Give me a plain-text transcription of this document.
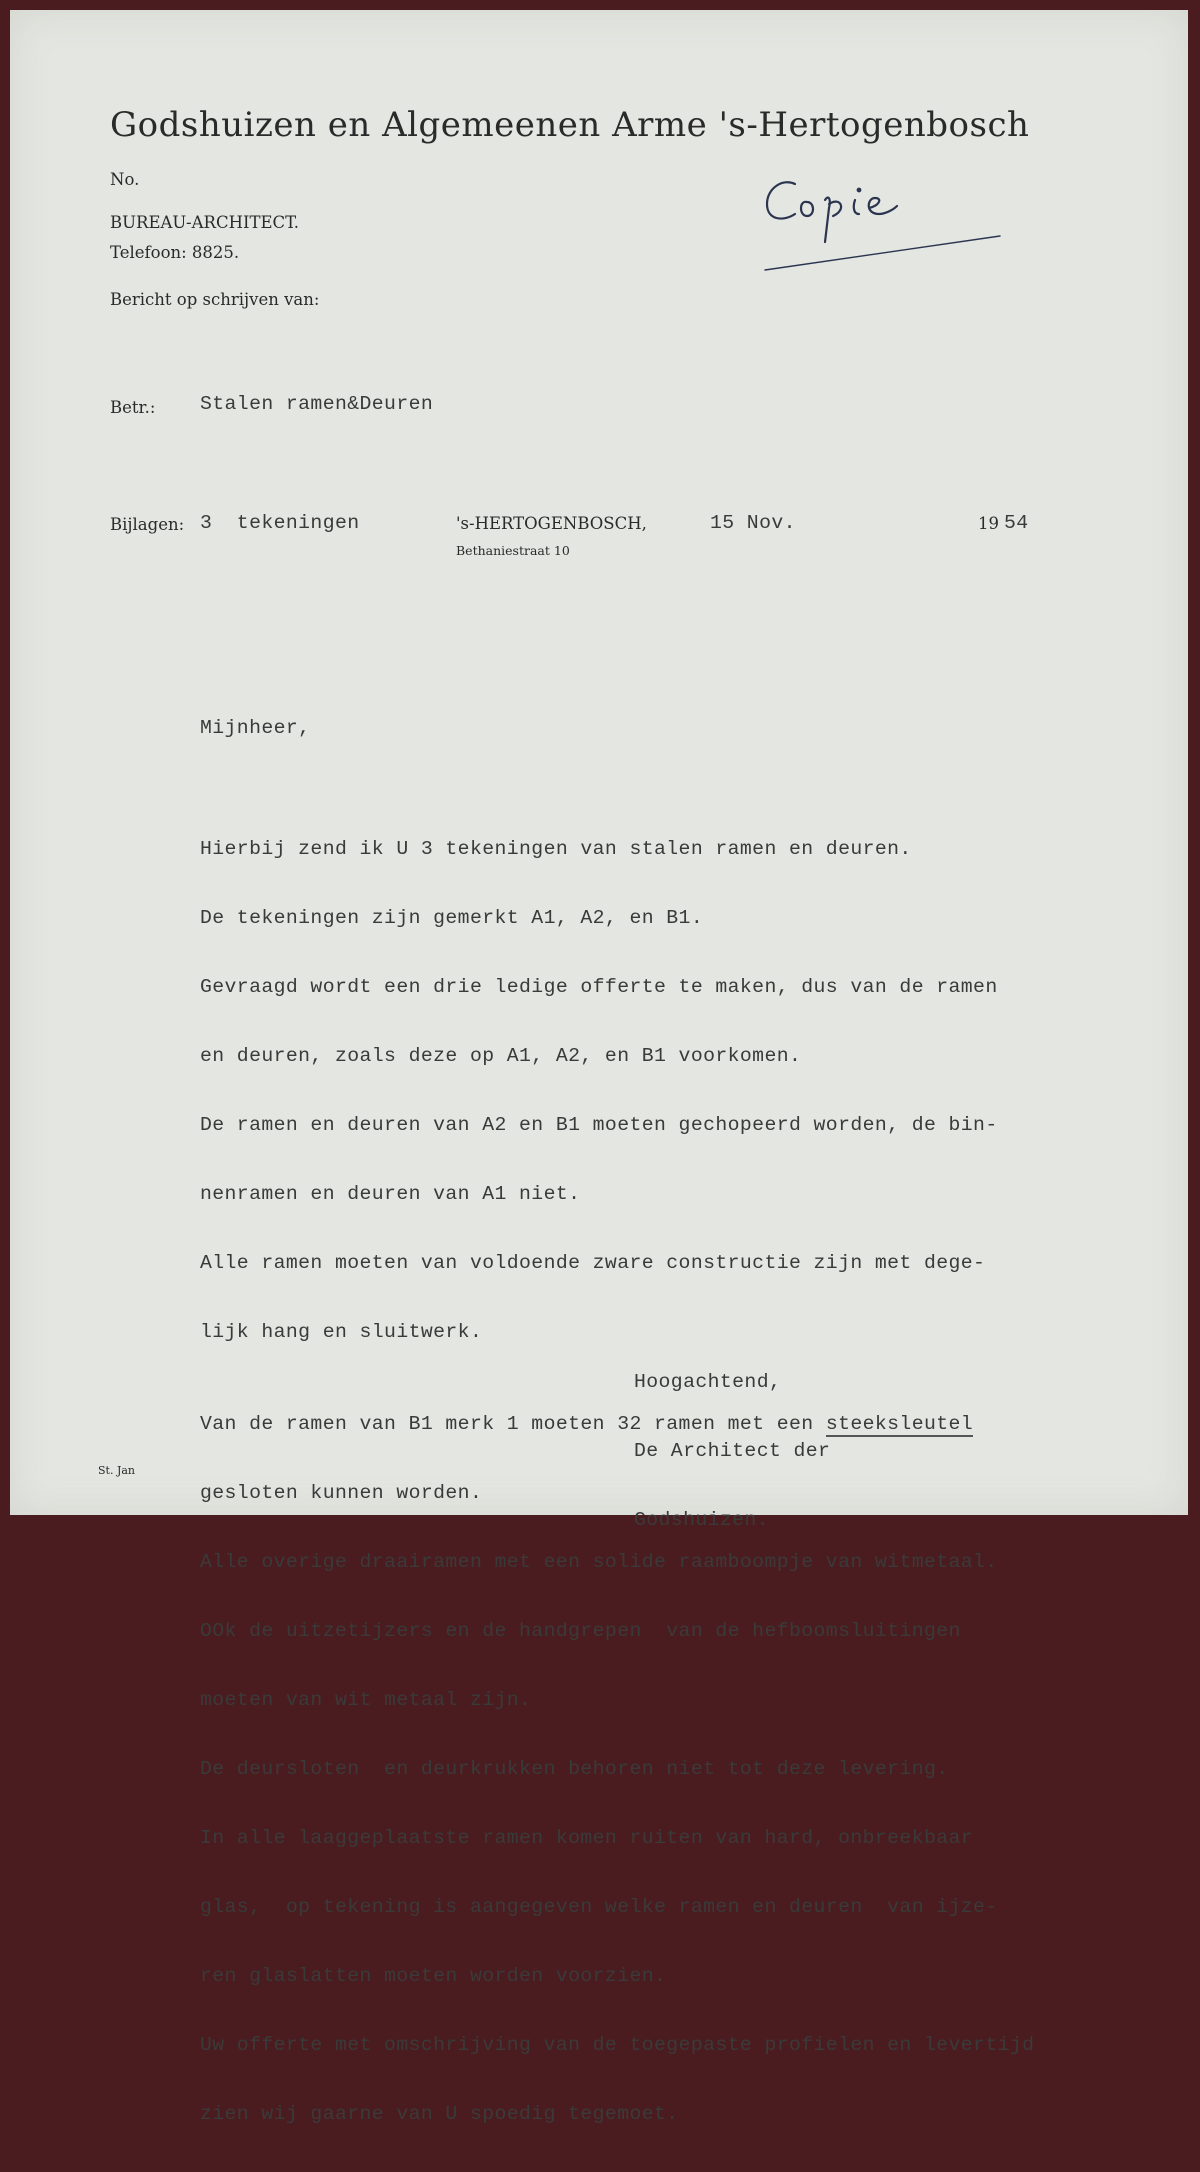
Godshuizen en Algemeenen Arme 's-Hertogenbosch
No.
BUREAU-ARCHITECT.
Telefoon: 8825.
Bericht op schrijven van:
Betr.: Stalen ramen&Deuren
Bijlagen: 3  tekeningen	's-HERTOGENBOSCH,	15 Nov.	19 54
Bethaniestraat 10
Mijnheer,

Hierbij zend ik U 3 tekeningen van stalen ramen en deuren.

De tekeningen zijn gemerkt A1, A2, en B1.

Gevraagd wordt een drie ledige offerte te maken, dus van de ramen

en deuren, zoals deze op A1, A2, en B1 voorkomen.

De ramen en deuren van A2 en B1 moeten gechopeerd worden, de bin-

nenramen en deuren van A1 niet.

Alle ramen moeten van voldoende zware constructie zijn met dege-

lijk hang en sluitwerk.

Van de ramen van B1 merk 1 moeten 32 ramen met een steeksleutel

gesloten kunnen worden.

Alle overige draairamen met een solide raamboompje van witmetaal.

OOk de uitzetijzers en de handgrepen  van de hefboomsluitingen

moeten van wit metaal zijn.

De deursloten  en deurkrukken behoren niet tot deze levering.

In alle laaggeplaatste ramen komen ruiten van hard, onbreekbaar

glas,  op tekening is aangegeven welke ramen en deuren  van ijze-

ren glaslatten moeten worden voorzien.

Uw offerte met omschrijving van de toegepaste profielen en levertijd

zien wij gaarne van U spoedig tegemoet.

Hoogachtend,

De Architect der

Godshuizen.

St. Jan
